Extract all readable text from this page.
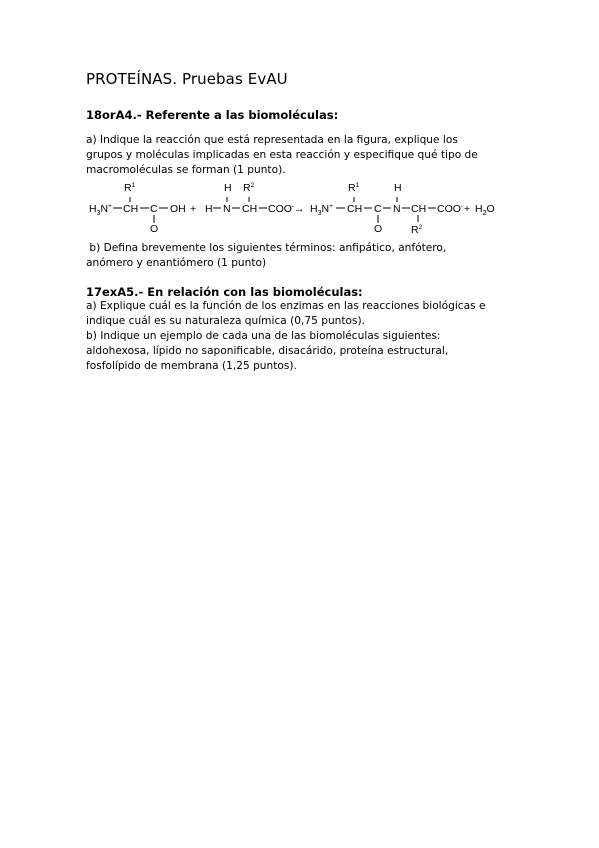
PROTEÍNAS. Pruebas EvAU
18orA4.- Referente a las biomoléculas:
a) Indique la reacción que está representada en la figura, explique los
grupos y moléculas implicadas en esta reacción y especifique qué tipo de
macromoléculas se forman (1 punto).
$H_3N^+$ CH
$R^1$
C
O
OH + H N
H
CH
$R^2$
$COO^- \to H_3N^+$ CH
$R^1$
C
O
N
H
CH
$R^2$
$COO^- + H_2O$
b) Defina brevemente los siguientes términos: anfipático, anfótero,
anómero y enantiómero (1 punto)
17exA5.- En relación con las biomoléculas:
a) Explique cuál es la función de los enzimas en las reacciones biológicas e
indique cuál es su naturaleza química (0,75 puntos).
b) Indique un ejemplo de cada una de las biomoléculas siguientes:
aldohexosa, lípido no saponificable, disacárido, proteína estructural,
fosfolípido de membrana (1,25 puntos).
